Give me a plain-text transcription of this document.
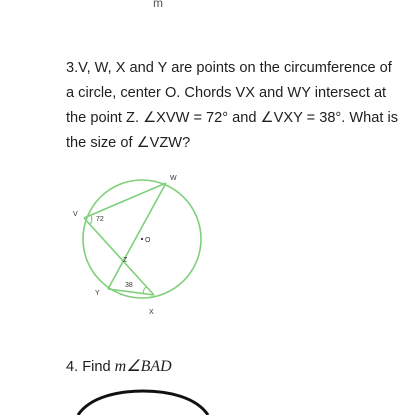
m
3.V, W, X and Y are points on the circumference of a circle, center O. Chords VX and WY intersect at the point Z. ∠XVW = 72° and ∠VXY = 38°. What is the size of ∠VZW?
W
V
X
Y
Z
O
72
38
4. Find m∠BAD
